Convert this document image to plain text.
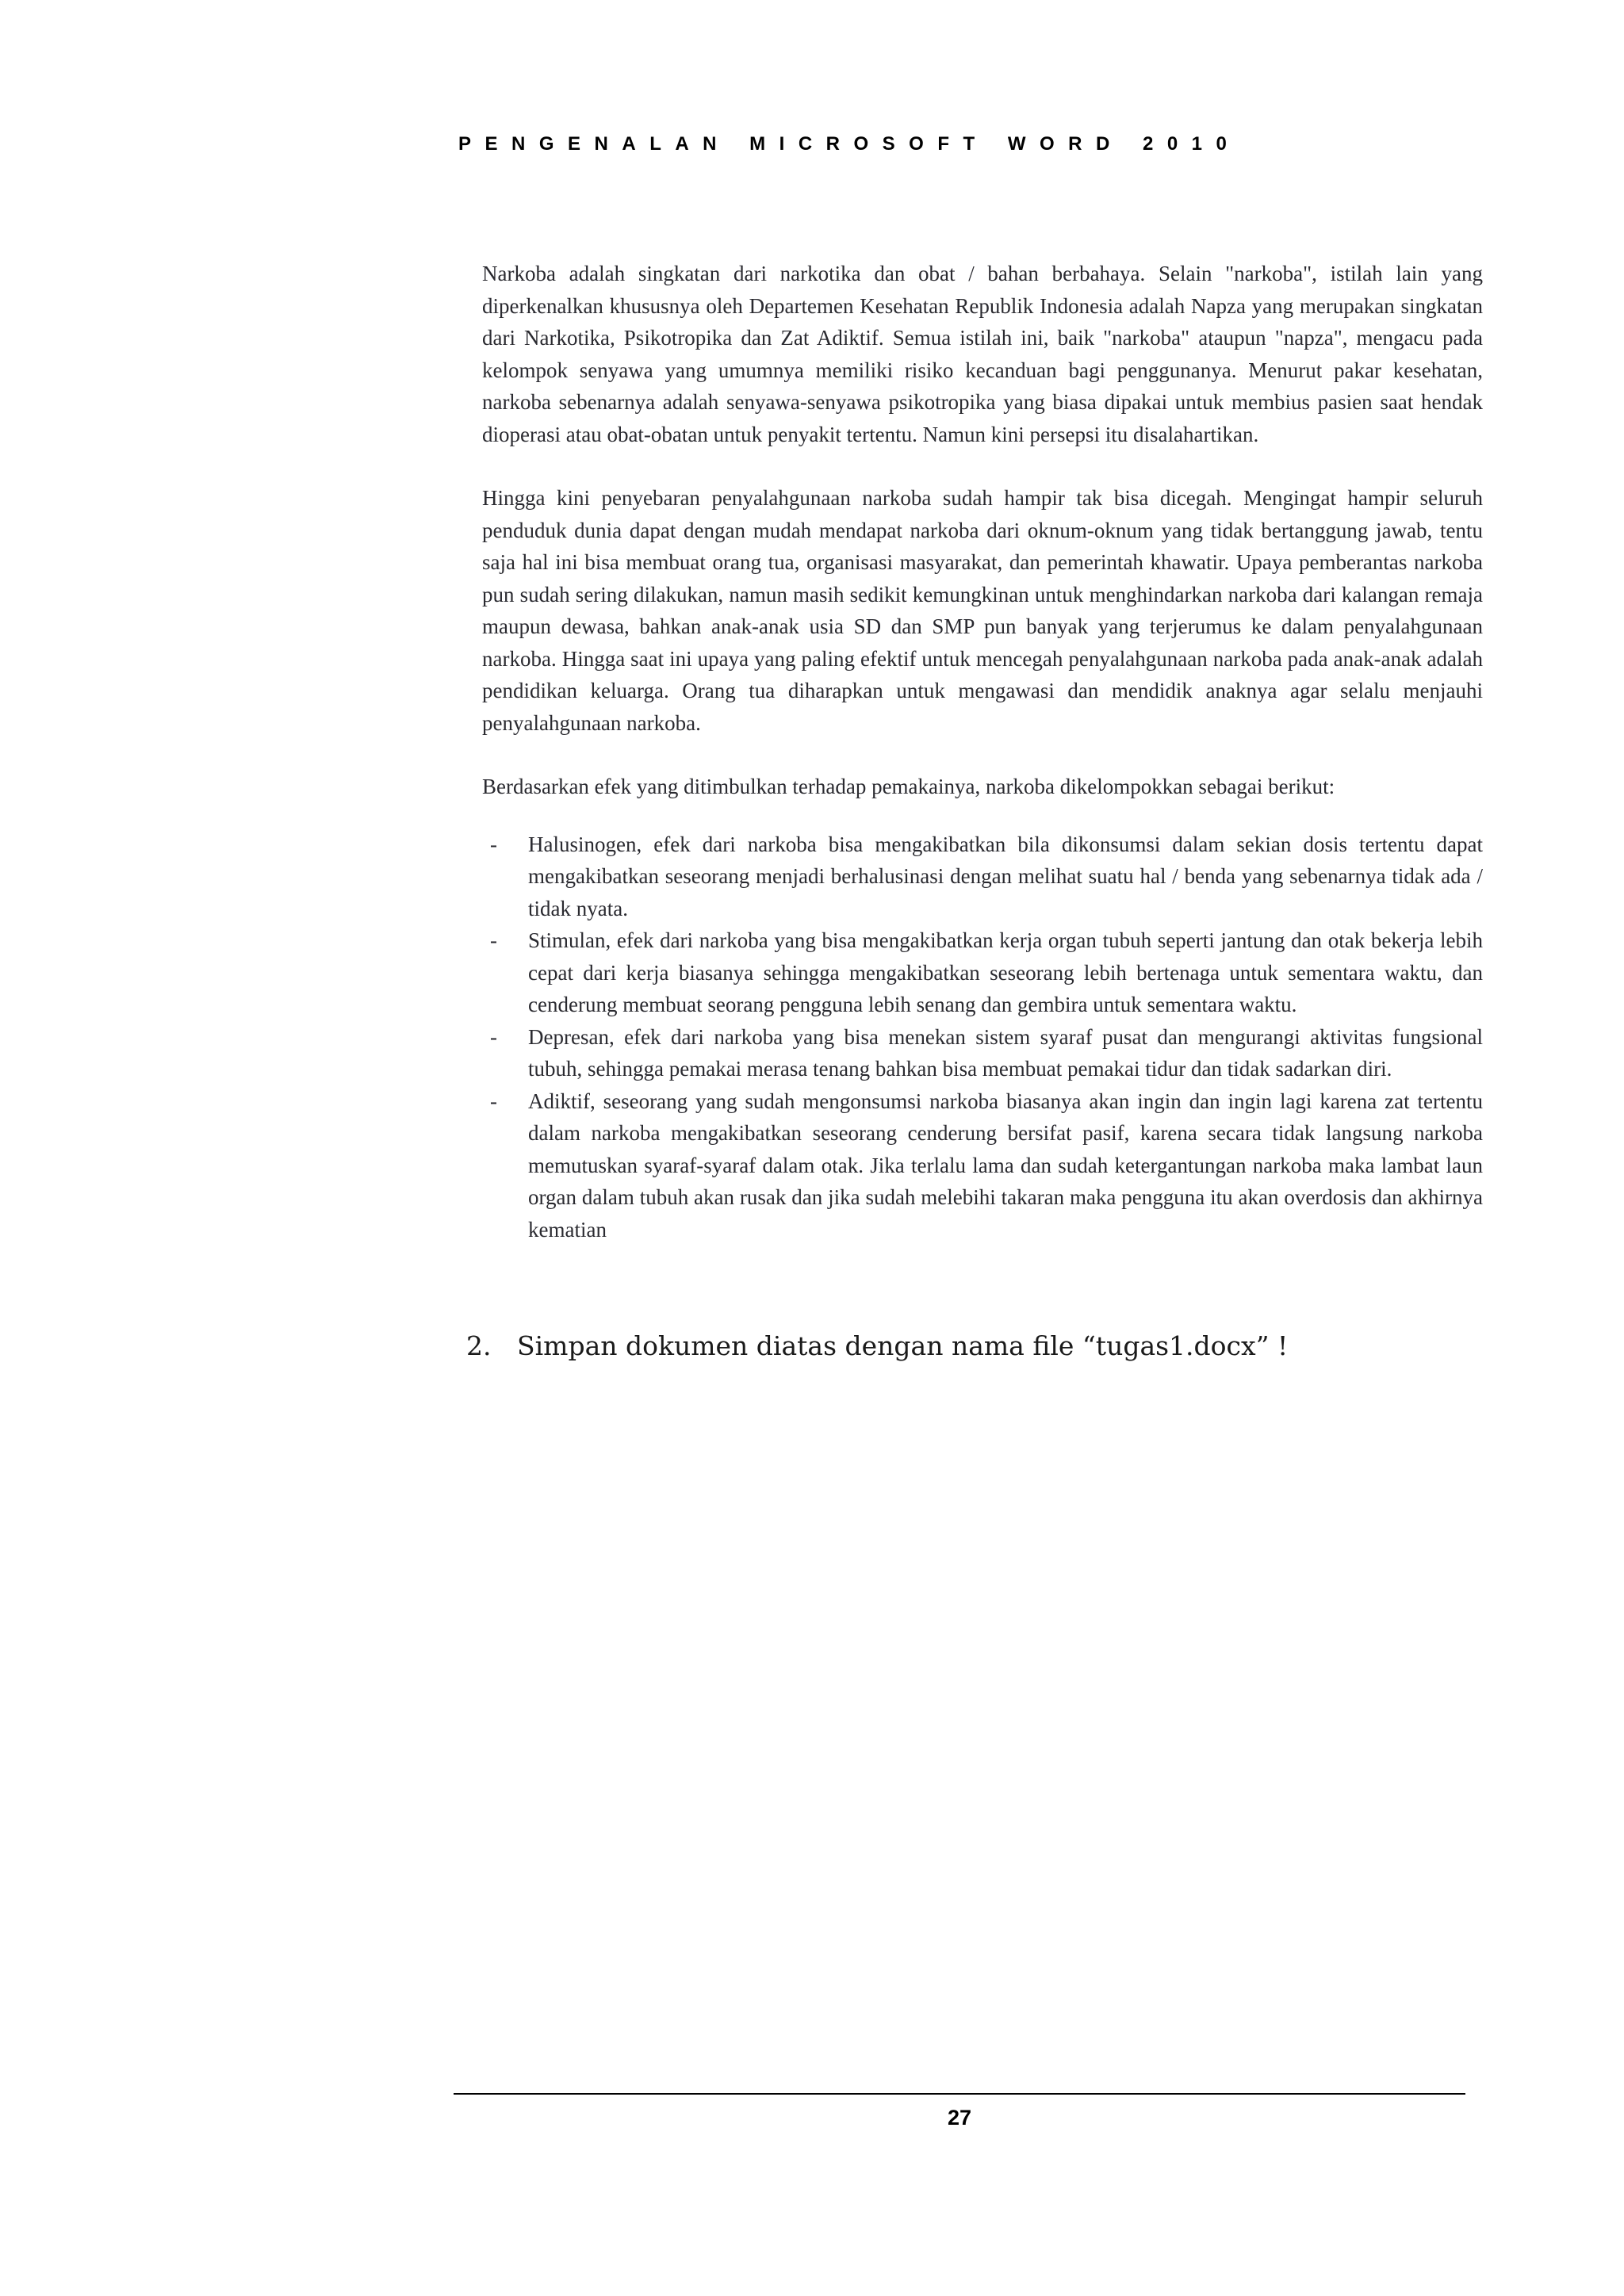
PENGENALAN MICROSOFT WORD 2010

Narkoba adalah singkatan dari narkotika dan obat / bahan berbahaya. Selain "narkoba", istilah lain yang diperkenalkan khususnya oleh Departemen Kesehatan Republik Indonesia adalah Napza yang merupakan singkatan dari Narkotika, Psikotropika dan Zat Adiktif. Semua istilah ini, baik "narkoba" ataupun "napza", mengacu pada kelompok senyawa yang umumnya memiliki risiko kecanduan bagi penggunanya. Menurut pakar kesehatan, narkoba sebenarnya adalah senyawa-senyawa psikotropika yang biasa dipakai untuk membius pasien saat hendak dioperasi atau obat-obatan untuk penyakit tertentu. Namun kini persepsi itu disalahartikan.

Hingga kini penyebaran penyalahgunaan narkoba sudah hampir tak bisa dicegah. Mengingat hampir seluruh penduduk dunia dapat dengan mudah mendapat narkoba dari oknum-oknum yang tidak bertanggung jawab, tentu saja hal ini bisa membuat orang tua, organisasi masyarakat, dan pemerintah khawatir. Upaya pemberantas narkoba pun sudah sering dilakukan, namun masih sedikit kemungkinan untuk menghindarkan narkoba dari kalangan remaja maupun dewasa, bahkan anak-anak usia SD dan SMP pun banyak yang terjerumus ke dalam penyalahgunaan narkoba. Hingga saat ini upaya yang paling efektif untuk mencegah penyalahgunaan narkoba pada anak-anak adalah pendidikan keluarga. Orang tua diharapkan untuk mengawasi dan mendidik anaknya agar selalu menjauhi penyalahgunaan narkoba.

Berdasarkan efek yang ditimbulkan terhadap pemakainya, narkoba dikelompokkan sebagai berikut:

- Halusinogen, efek dari narkoba bisa mengakibatkan bila dikonsumsi dalam sekian dosis tertentu dapat mengakibatkan seseorang menjadi berhalusinasi dengan melihat suatu hal / benda yang sebenarnya tidak ada / tidak nyata.
- Stimulan, efek dari narkoba yang bisa mengakibatkan kerja organ tubuh seperti jantung dan otak bekerja lebih cepat dari kerja biasanya sehingga mengakibatkan seseorang lebih bertenaga untuk sementara waktu, dan cenderung membuat seorang pengguna lebih senang dan gembira untuk sementara waktu.
- Depresan, efek dari narkoba yang bisa menekan sistem syaraf pusat dan mengurangi aktivitas fungsional tubuh, sehingga pemakai merasa tenang bahkan bisa membuat pemakai tidur dan tidak sadarkan diri.
- Adiktif, seseorang yang sudah mengonsumsi narkoba biasanya akan ingin dan ingin lagi karena zat tertentu dalam narkoba mengakibatkan seseorang cenderung bersifat pasif, karena secara tidak langsung narkoba memutuskan syaraf-syaraf dalam otak. Jika terlalu lama dan sudah ketergantungan narkoba maka lambat laun organ dalam tubuh akan rusak dan jika sudah melebihi takaran maka pengguna itu akan overdosis dan akhirnya kematian
2. Simpan dokumen diatas dengan nama file “tugas1.docx” !
27
